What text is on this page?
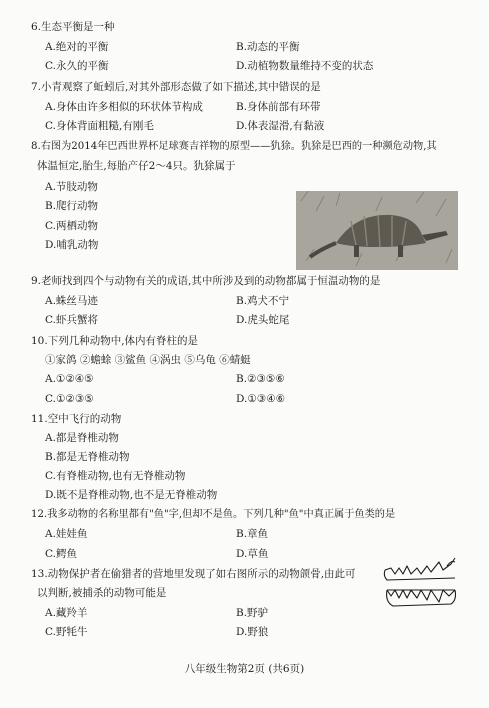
6.生态平衡是一种
A.绝对的平衡	B.动态的平衡
C.永久的平衡	D.动植物数量维持不变的状态
7.小青观察了蚯蚓后,对其外部形态做了如下描述,其中错误的是
A.身体由许多相似的环状体节构成	B.身体前部有环带
C.身体背面粗糙,有刚毛	D.体表湿滑,有黏液
8.右图为2014年巴西世界杯足球赛吉祥物的原型——犰狳。犰狳是巴西的一种濒危动物,其
体温恒定,胎生,每胎产仔2～4只。犰狳属于
A.节肢动物
B.爬行动物
C.两栖动物
D.哺乳动物
9.老师找到四个与动物有关的成语,其中所涉及到的动物都属于恒温动物的是
A.蛛丝马迹	B.鸡犬不宁
C.虾兵蟹将	D.虎头蛇尾
10.下列几种动物中,体内有脊柱的是
①家鸽 ②蟾蜍 ③鲨鱼 ④涡虫 ⑤乌龟 ⑥蜻蜓
A.①②④⑤	B.②③⑤⑥
C.①②③⑤	D.①③④⑥
11.空中飞行的动物
A.都是脊椎动物
B.都是无脊椎动物
C.有脊椎动物,也有无脊椎动物
D.既不是脊椎动物,也不是无脊椎动物
12.我多动物的名称里都有"鱼"字,但却不是鱼。下列几种"鱼"中真正属于鱼类的是
A.娃娃鱼	B.章鱼
C.鳄鱼	D.草鱼
13.动物保护者在偷猎者的营地里发现了如右图所示的动物颌骨,由此可
以判断,被捕杀的动物可能是
A.藏羚羊	B.野驴
C.野牦牛	D.野狼
八年级生物第2页 (共6页)
